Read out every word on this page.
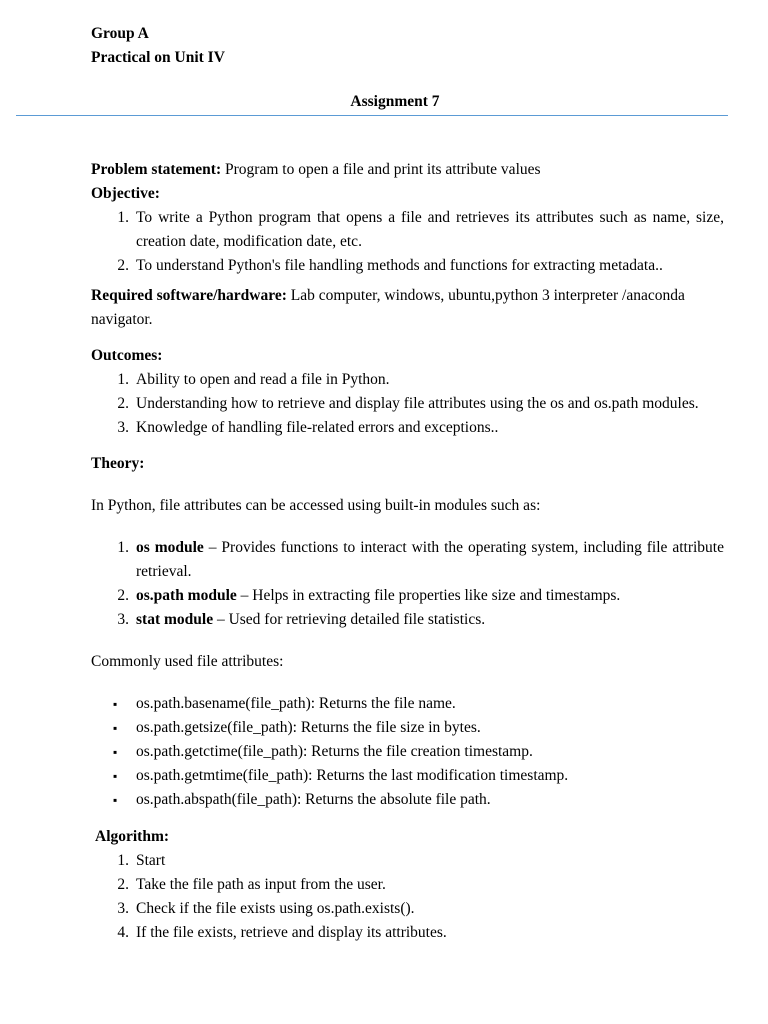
Group A
Practical on Unit IV
Assignment 7

Problem statement: Program to open a file and print its attribute values

Objective:

1. To write a Python program that opens a file and retrieves its attributes such as name, size, creation date, modification date, etc.
2. To understand Python's file handling methods and functions for extracting metadata..

Required software/hardware: Lab computer, windows, ubuntu,python 3 interpreter /anaconda navigator.

Outcomes:

1. Ability to open and read a file in Python.
2. Understanding how to retrieve and display file attributes using the os and os.path modules.
3. Knowledge of handling file-related errors and exceptions..

Theory:

In Python, file attributes can be accessed using built-in modules such as:

1. os module – Provides functions to interact with the operating system, including file attribute retrieval.
2. os.path module – Helps in extracting file properties like size and timestamps.
3. stat module – Used for retrieving detailed file statistics.

Commonly used file attributes:

▪	os.path.basename(file_path): Returns the file name.
▪	os.path.getsize(file_path): Returns the file size in bytes.
▪	os.path.getctime(file_path): Returns the file creation timestamp.
▪	os.path.getmtime(file_path): Returns the last modification timestamp.
▪	os.path.abspath(file_path): Returns the absolute file path.

Algorithm:

1. Start
2. Take the file path as input from the user.
3. Check if the file exists using os.path.exists().
4. If the file exists, retrieve and display its attributes.
